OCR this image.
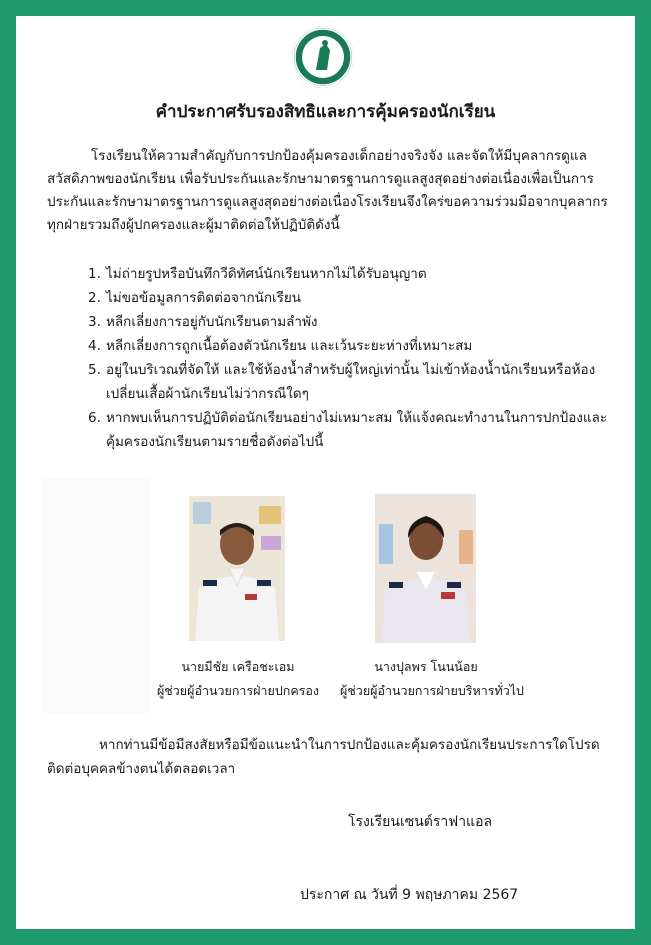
คำประกาศรับรองสิทธิและการคุ้มครองนักเรียน
โรงเรียนให้ความสำคัญกับการปกป้องคุ้มครองเด็กอย่างจริงจัง และจัดให้มีบุคลากรดูแลสวัสดิภาพของนักเรียน เพื่อรับประกันและรักษามาตรฐานการดูแลสูงสุดอย่างต่อเนื่องเพื่อเป็นการประกันและรักษามาตรฐานการดูแลสูงสุดอย่างต่อเนื่องโรงเรียนจึงใคร่ขอความร่วมมือจากบุคลากรทุกฝ่ายรวมถึงผู้ปกครองและผู้มาติดต่อให้ปฏิบัติดังนี้
1. ไม่ถ่ายรูปหรือบันทึกวีดิทัศน์นักเรียนหากไม่ได้รับอนุญาต
2. ไม่ขอข้อมูลการติดต่อจากนักเรียน
3. หลีกเลี่ยงการอยู่กับนักเรียนตามลำพัง
4. หลีกเลี่ยงการถูกเนื้อต้องตัวนักเรียน และเว้นระยะห่างที่เหมาะสม
5. อยู่ในบริเวณที่จัดให้ และใช้ห้องน้ำสำหรับผู้ใหญ่เท่านั้น ไม่เข้าห้องน้ำนักเรียนหรือห้องเปลี่ยนเสื้อผ้านักเรียนไม่ว่ากรณีใดๆ
6. หากพบเห็นการปฏิบัติต่อนักเรียนอย่างไม่เหมาะสม ให้แจ้งคณะทำงานในการปกป้องและคุ้มครองนักเรียนตามรายชื่อดังต่อไปนี้
นายมีชัย เครือชะเอม
ผู้ช่วยผู้อำนวยการฝ่ายปกครอง
นางปุลพร โนนน้อย
ผู้ช่วยผู้อำนวยการฝ่ายบริหารทั่วไป
หากท่านมีข้อมีสงสัยหรือมีข้อแนะนำในการปกป้องและคุ้มครองนักเรียนประการใดโปรดติดต่อบุคคลข้างตนได้ตลอดเวลา
โรงเรียนเซนต์ราฟาแอล
ประกาศ ณ วันที่ 9 พฤษภาคม 2567
